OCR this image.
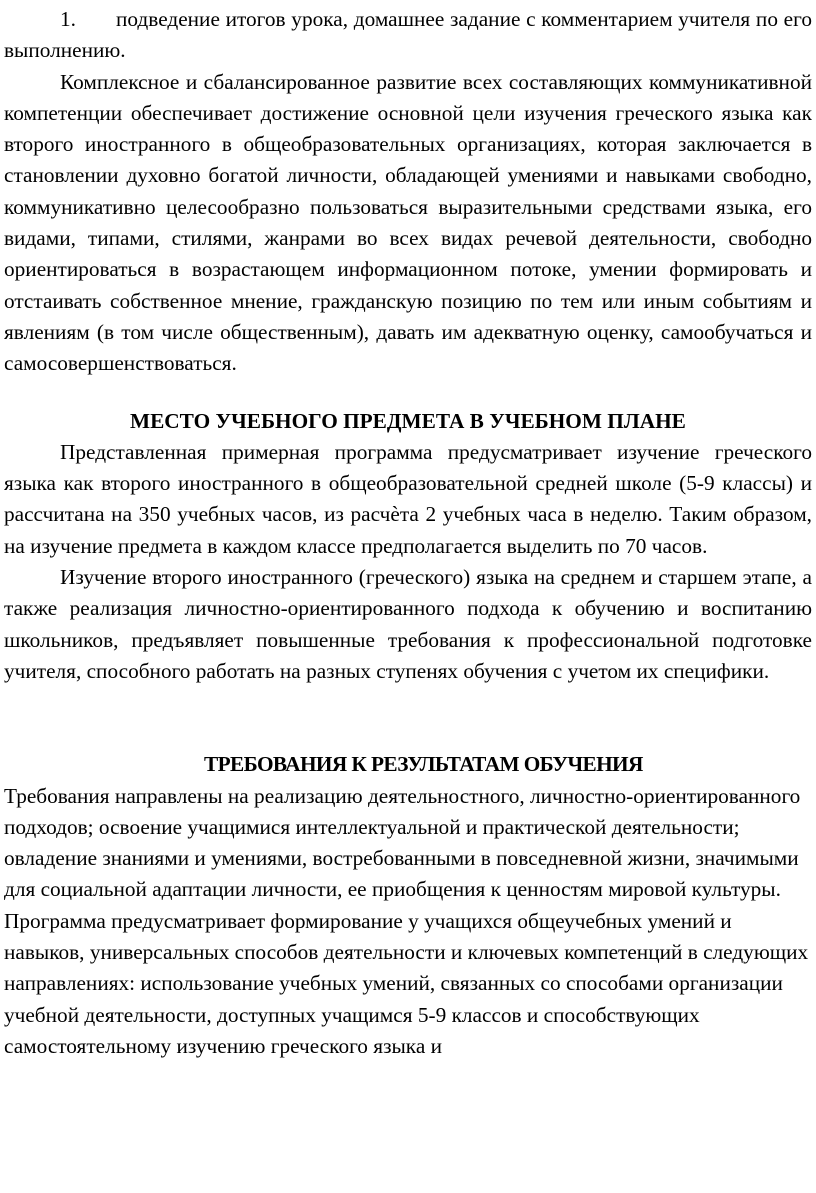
1. подведение итогов урока, домашнее задание с комментарием учителя по его выполнению.

Комплексное и сбалансированное развитие всех составляющих коммуникативной компетенции обеспечивает достижение основной цели изучения греческого языка как второго иностранного в общеобразовательных организациях, которая заключается в становлении духовно богатой личности, обладающей умениями и навыками свободно, коммуникативно целесообразно пользоваться выразительными средствами языка, его видами, типами, стилями, жанрами во всех видах речевой деятельности, свободно ориентироваться в возрастающем информационном потоке, умении формировать и отстаивать собственное мнение, гражданскую позицию по тем или иным событиям и явлениям (в том числе общественным), давать им адекватную оценку, самообучаться и самосовершенствоваться.

МЕСТО УЧЕБНОГО ПРЕДМЕТА В УЧЕБНОМ ПЛАНЕ

Представленная примерная программа предусматривает изучение греческого языка как второго иностранного в общеобразовательной средней школе (5-9 классы) и рассчитана на 350 учебных часов, из расчѐта 2 учебных часа в неделю. Таким образом, на изучение предмета в каждом классе предполагается выделить по 70 часов.

Изучение второго иностранного (греческого) языка на среднем и старшем этапе, а также реализация личностно-ориентированного подхода к обучению и воспитанию школьников, предъявляет повышенные требования к профессиональной подготовке учителя, способного работать на разных ступенях обучения с учетом их специфики.

ТРЕБОВАНИЯ К РЕЗУЛЬТАТАМ ОБУЧЕНИЯ

Требования направлены на реализацию деятельностного, личностно-ориентированного подходов; освоение учащимися интеллектуальной и практической деятельности; овладение знаниями и умениями, востребованными в повседневной жизни, значимыми для социальной адаптации личности, ее приобщения к ценностям мировой культуры.

Программа предусматривает формирование у учащихся общеучебных умений и навыков, универсальных способов деятельности и ключевых компетенций в следующих направлениях: использование учебных умений, связанных со способами организации учебной деятельности, доступных учащимся 5-9 классов и способствующих самостоятельному изучению греческого языка и
